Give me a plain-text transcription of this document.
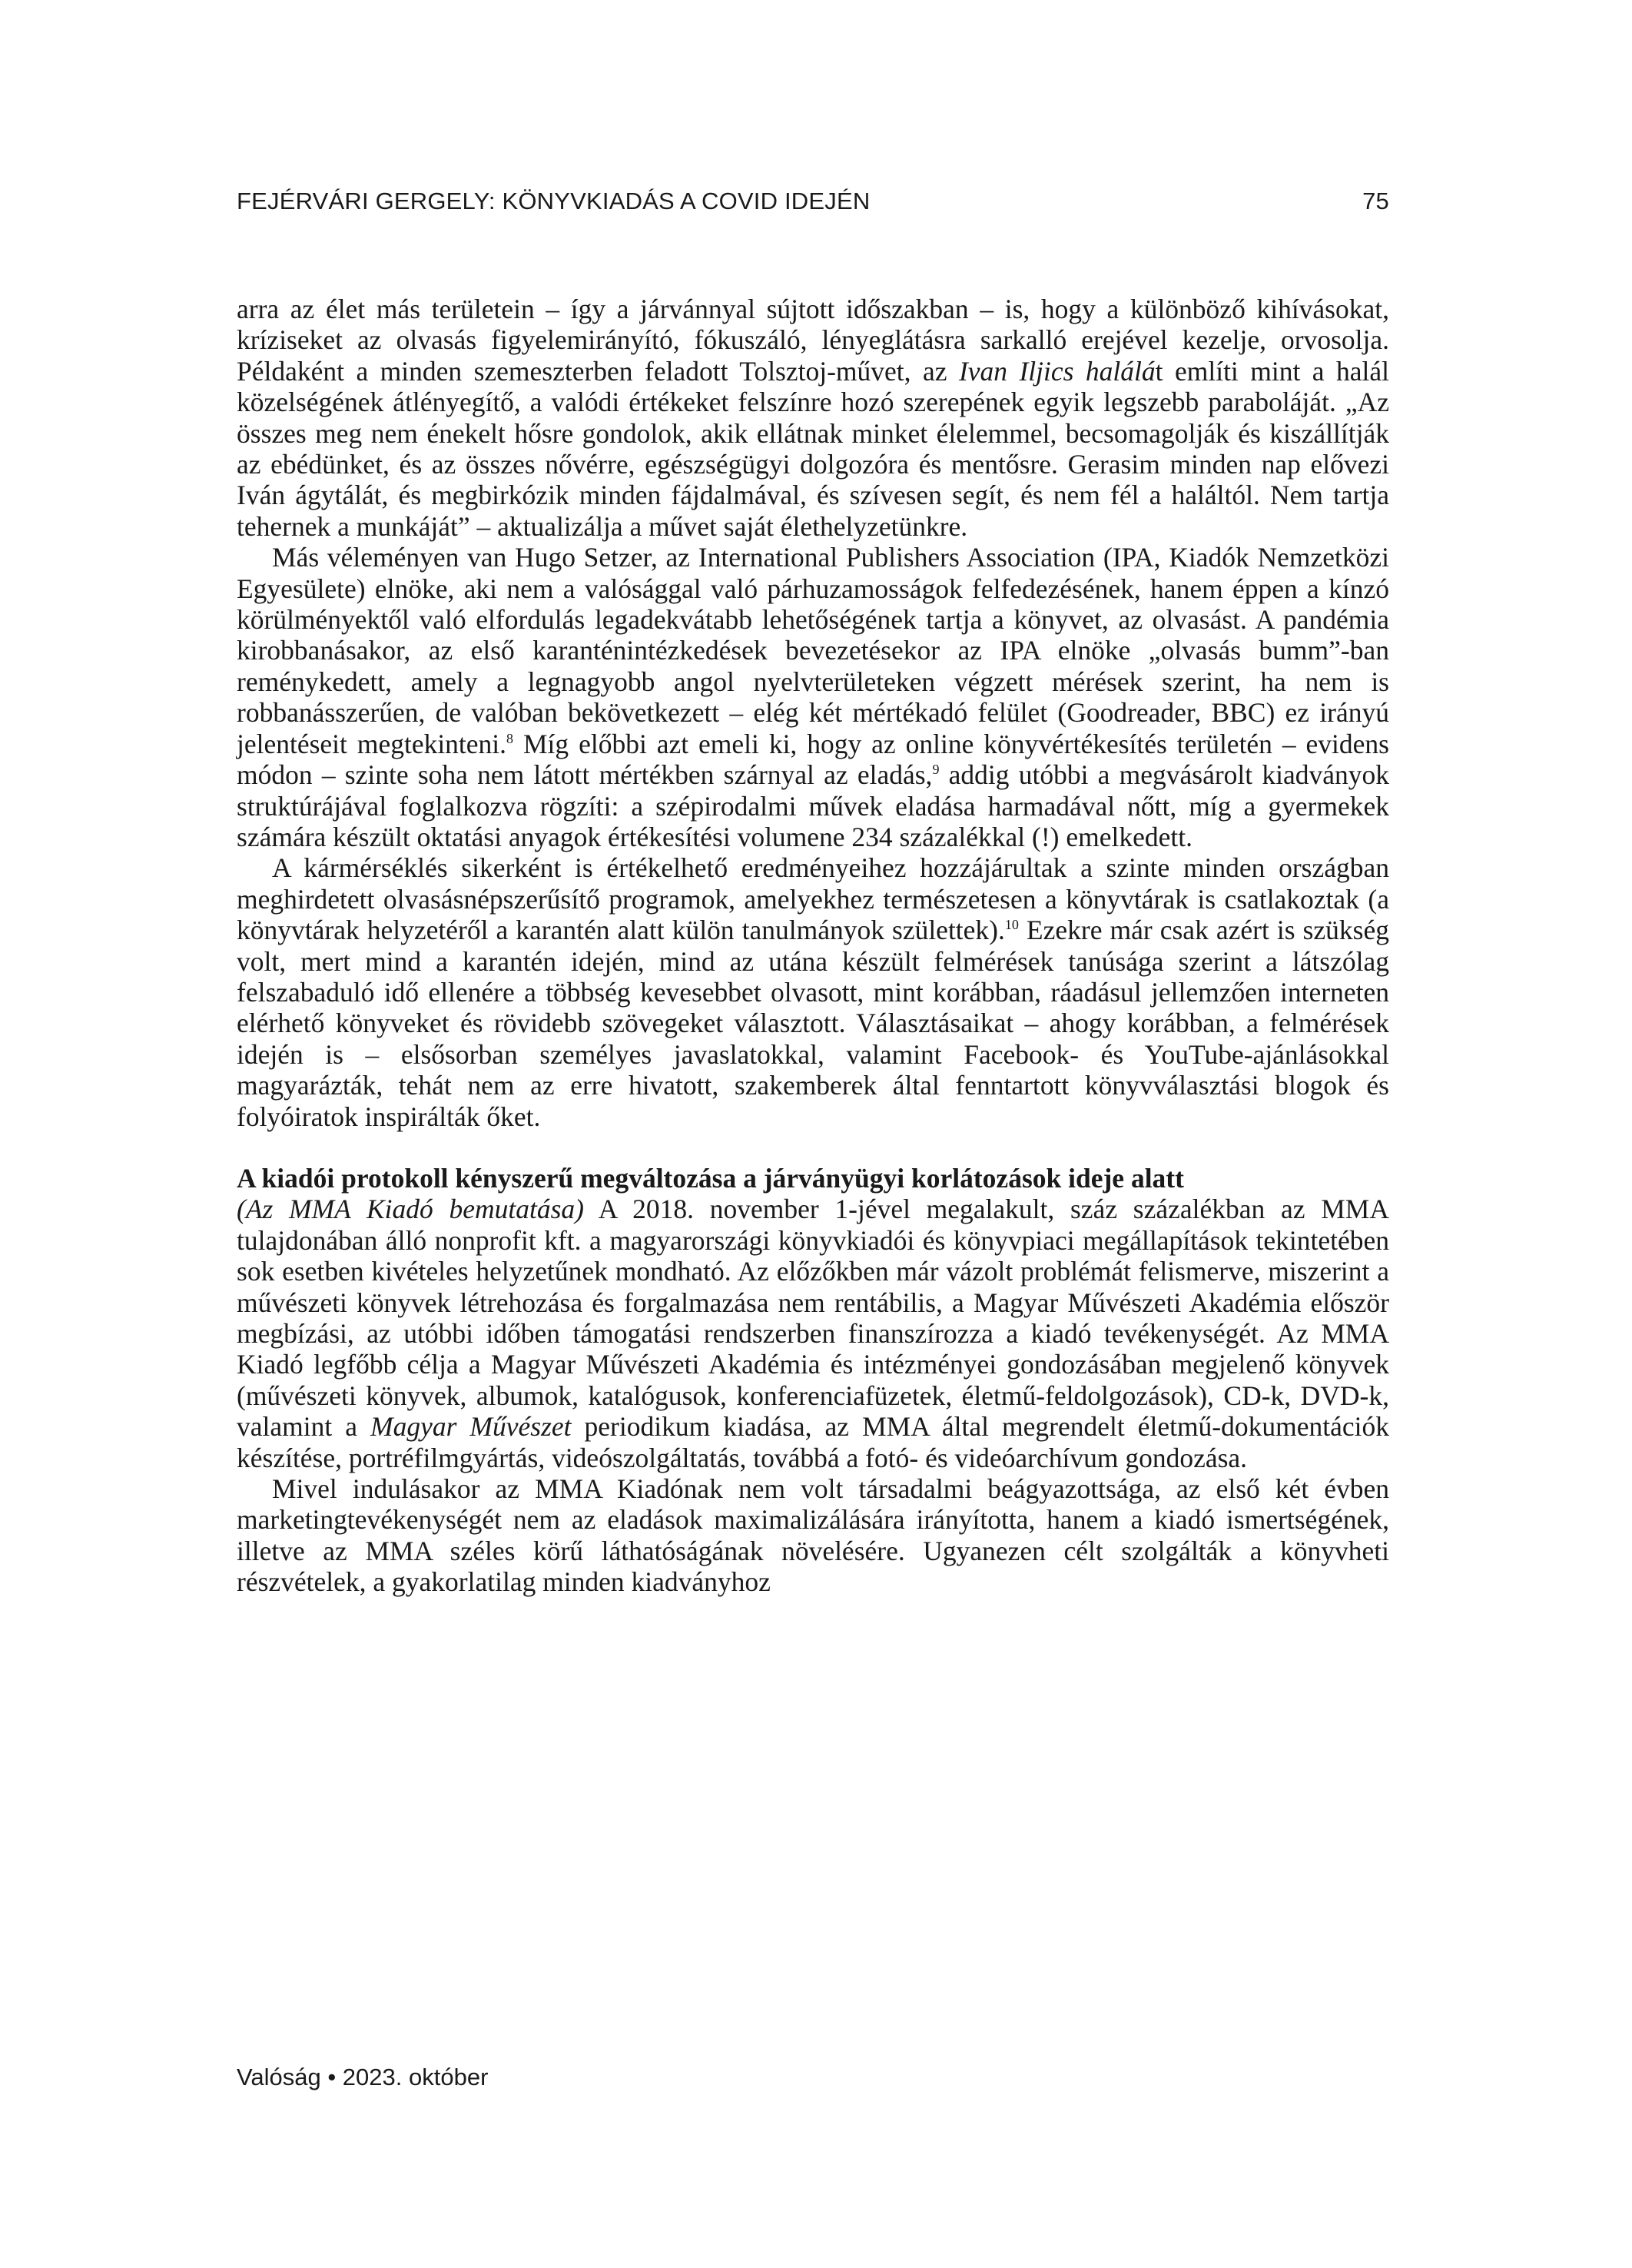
FEJÉRVÁRI GERGELY: KÖNYVKIADÁS A COVID IDEJÉN	75

arra az élet más területein – így a járvánnyal sújtott időszakban – is, hogy a különböző kihívásokat, kríziseket az olvasás figyelemirányító, fókuszáló, lényeglátásra sarkalló erejével kezelje, orvosolja. Példaként a minden szemeszterben feladott Tolsztoj-művet, az Ivan Iljics halálát említi mint a halál közelségének átlényegítő, a valódi értékeket felszínre hozó szerepének egyik legszebb paraboláját. „Az összes meg nem énekelt hősre gondolok, akik ellátnak minket élelemmel, becsomagolják és kiszállítják az ebédünket, és az összes nővérre, egészségügyi dolgozóra és mentősre. Gerasim minden nap elővezi Iván ágytálát, és megbirkózik minden fájdalmával, és szívesen segít, és nem fél a haláltól. Nem tartja tehernek a munkáját” – aktualizálja a művet saját élethelyzetünkre.

Más véleményen van Hugo Setzer, az International Publishers Association (IPA, Kiadók Nemzetközi Egyesülete) elnöke, aki nem a valósággal való párhuzamosságok felfedezésének, hanem éppen a kínzó körülményektől való elfordulás legadekvátabb lehetőségének tartja a könyvet, az olvasást. A pandémia kirobbanásakor, az első karanténintézkedések bevezetésekor az IPA elnöke „olvasás bumm”-ban reménykedett, amely a legnagyobb angol nyelvterületeken végzett mérések szerint, ha nem is robbanásszerűen, de valóban bekövetkezett – elég két mértékadó felület (Goodreader, BBC) ez irányú jelentéseit megtekinteni.$^8$ Míg előbbi azt emeli ki, hogy az online könyvértékesítés területén – evidens módon – szinte soha nem látott mértékben szárnyal az eladás,$^9$ addig utóbbi a megvásárolt kiadványok struktúrájával foglalkozva rögzíti: a szépirodalmi művek eladása harmadával nőtt, míg a gyermekek számára készült oktatási anyagok értékesítési volumene 234 százalékkal (!) emelkedett.

A kármérséklés sikerként is értékelhető eredményeihez hozzájárultak a szinte minden országban meghirdetett olvasásnépszerűsítő programok, amelyekhez természetesen a könyvtárak is csatlakoztak (a könyvtárak helyzetéről a karantén alatt külön tanulmányok születtek).$^{10}$ Ezekre már csak azért is szükség volt, mert mind a karantén idején, mind az utána készült felmérések tanúsága szerint a látszólag felszabaduló idő ellenére a többség kevesebbet olvasott, mint korábban, ráadásul jellemzően interneten elérhető könyveket és rövidebb szövegeket választott. Választásaikat – ahogy korábban, a felmérések idején is – elsősorban személyes javaslatokkal, valamint Facebook- és YouTube-ajánlásokkal magyarázták, tehát nem az erre hivatott, szakemberek által fenntartott könyvválasztási blogok és folyóiratok inspirálták őket.

A kiadói protokoll kényszerű megváltozása a járványügyi korlátozások ideje alatt

(Az MMA Kiadó bemutatása) A 2018. november 1-jével megalakult, száz százalékban az MMA tulajdonában álló nonprofit kft. a magyarországi könyvkiadói és könyvpiaci megállapítások tekintetében sok esetben kivételes helyzetűnek mondható. Az előzőkben már vázolt problémát felismerve, miszerint a művészeti könyvek létrehozása és forgalmazása nem rentábilis, a Magyar Művészeti Akadémia először megbízási, az utóbbi időben támogatási rendszerben finanszírozza a kiadó tevékenységét. Az MMA Kiadó legfőbb célja a Magyar Művészeti Akadémia és intézményei gondozásában megjelenő könyvek (művészeti könyvek, albumok, katalógusok, konferenciafüzetek, életmű-feldolgozások), CD-k, DVD-k, valamint a Magyar Művészet periodikum kiadása, az MMA által megrendelt életmű-dokumentációk készítése, portréfilmgyártás, videószolgáltatás, továbbá a fotó- és videóarchívum gondozása.

Mivel indulásakor az MMA Kiadónak nem volt társadalmi beágyazottsága, az első két évben marketingtevékenységét nem az eladások maximalizálására irányította, hanem a kiadó ismertségének, illetve az MMA széles körű láthatóságának növelésére. Ugyanezen célt szolgálták a könyvheti részvételek, a gyakorlatilag minden kiadványhoz

Valóság • 2023. október
